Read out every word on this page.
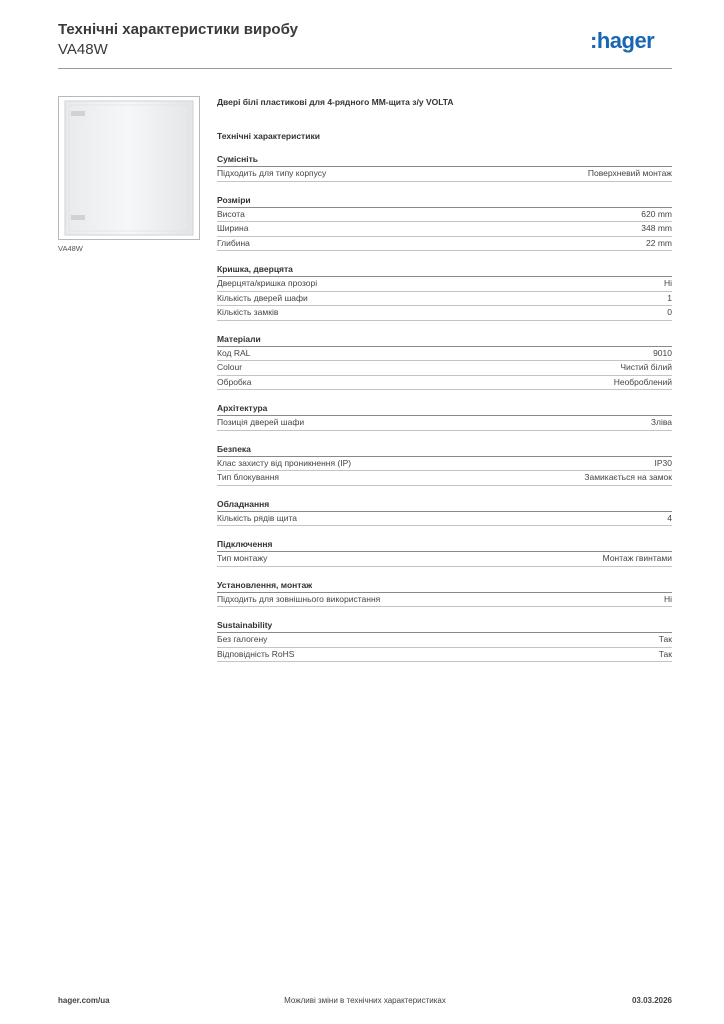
Технічні характеристики виробу
VA48W	:hager
VA48W
Двері білі пластикові для 4-рядного ММ-щита з/у VOLTA
Технічні характеристики
Сумісніть
Підходить для типу корпусу	Поверхневий монтаж
Розміри
Висота	620 mm
Ширина	348 mm
Глибина	22 mm
Кришка, дверцята
Дверцята/кришка прозорі	Ні
Кількість дверей шафи	1
Кількість замків	0
Матеріали
Код RAL	9010
Colour	Чистий білий
Обробка	Необроблений
Архітектура
Позиція дверей шафи	Зліва
Безпека
Клас захисту від проникнення (IP)	IP30
Тип блокування	Замикається на замок
Обладнання
Кількість рядів щита	4
Підключення
Тип монтажу	Монтаж гвинтами
Установлення, монтаж
Підходить для зовнішнього використання	Ні
Sustainability
Без галогену	Так
Відповідність RoHS	Так
hager.com/ua	Можливі зміни в технічних характеристиках	03.03.2026
